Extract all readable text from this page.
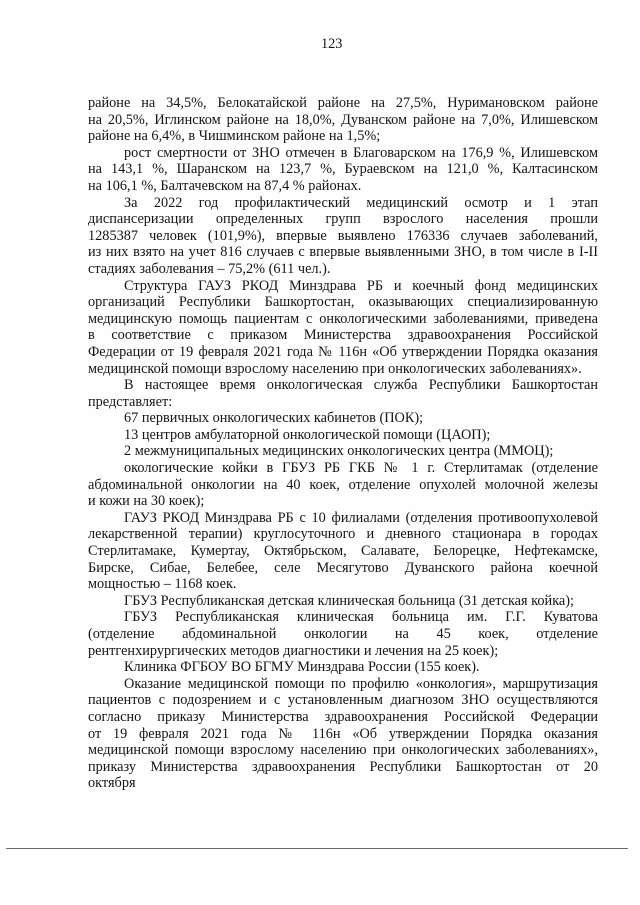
123
районе на 34,5%, Белокатайской районе на 27,5%, Нуримановском районе
на 20,5%, Иглинском районе на 18,0%, Дуванском районе на 7,0%, Илишевском
районе на 6,4%, в Чишминском районе на 1,5%;
рост смертности от ЗНО отмечен в Благоварском на 176,9 %, Илишевском
на 143,1 %, Шаранском на 123,7 %, Бураевском на 121,0 %, Калтасинском
на 106,1 %, Балтачевском на 87,4 % районах.
За 2022 год профилактический медицинский осмотр и 1 этап
диспансеризации определенных групп взрослого населения прошли
1285387 человек (101,9%), впервые выявлено 176336 случаев заболеваний,
из них взято на учет 816 случаев с впервые выявленными ЗНО, в том числе в I-II
стадиях заболевания – 75,2% (611 чел.).
Структура ГАУЗ РКОД Минздрава РБ и коечный фонд медицинских
организаций Республики Башкортостан, оказывающих специализированную
медицинскую помощь пациентам с онкологическими заболеваниями, приведена
в соответствие с приказом Министерства здравоохранения Российской
Федерации от 19 февраля 2021 года № 116н «Об утверждении Порядка оказания
медицинской помощи взрослому населению при онкологических заболеваниях».
В настоящее время онкологическая служба Республики Башкортостан
представляет:
67 первичных онкологических кабинетов (ПОК);
13 центров амбулаторной онкологической помощи (ЦАОП);
2 межмуниципальных медицинских онкологических центра (ММОЦ);
окологические койки в ГБУЗ РБ ГКБ № 1 г. Стерлитамак (отделение
абдоминальной онкологии на 40 коек, отделение опухолей молочной железы
и кожи на 30 коек);
ГАУЗ РКОД Минздрава РБ с 10 филиалами (отделения противоопухолевой
лекарственной терапии) круглосуточного и дневного стационара в городах
Стерлитамаке, Кумертау, Октябрьском, Салавате, Белорецке, Нефтекамске,
Бирске, Сибае, Белебее, селе Месягутово Дуванского района коечной
мощностью – 1168 коек.
ГБУЗ Республиканская детская клиническая больница (31 детская койка);
ГБУЗ Республиканская клиническая больница им. Г.Г. Куватова
(отделение абдоминальной онкологии на 45 коек, отделение
рентгенхирургических методов диагностики и лечения на 25 коек);
Клиника ФГБОУ ВО БГМУ Минздрава России (155 коек).
Оказание медицинской помощи по профилю «онкология», маршрутизация
пациентов с подозрением и с установленным диагнозом ЗНО осуществляются
согласно приказу Министерства здравоохранения Российской Федерации
от 19 февраля 2021 года № 116н «Об утверждении Порядка оказания
медицинской помощи взрослому населению при онкологических заболеваниях»,
приказу Министерства здравоохранения Республики Башкортостан от 20
октября
